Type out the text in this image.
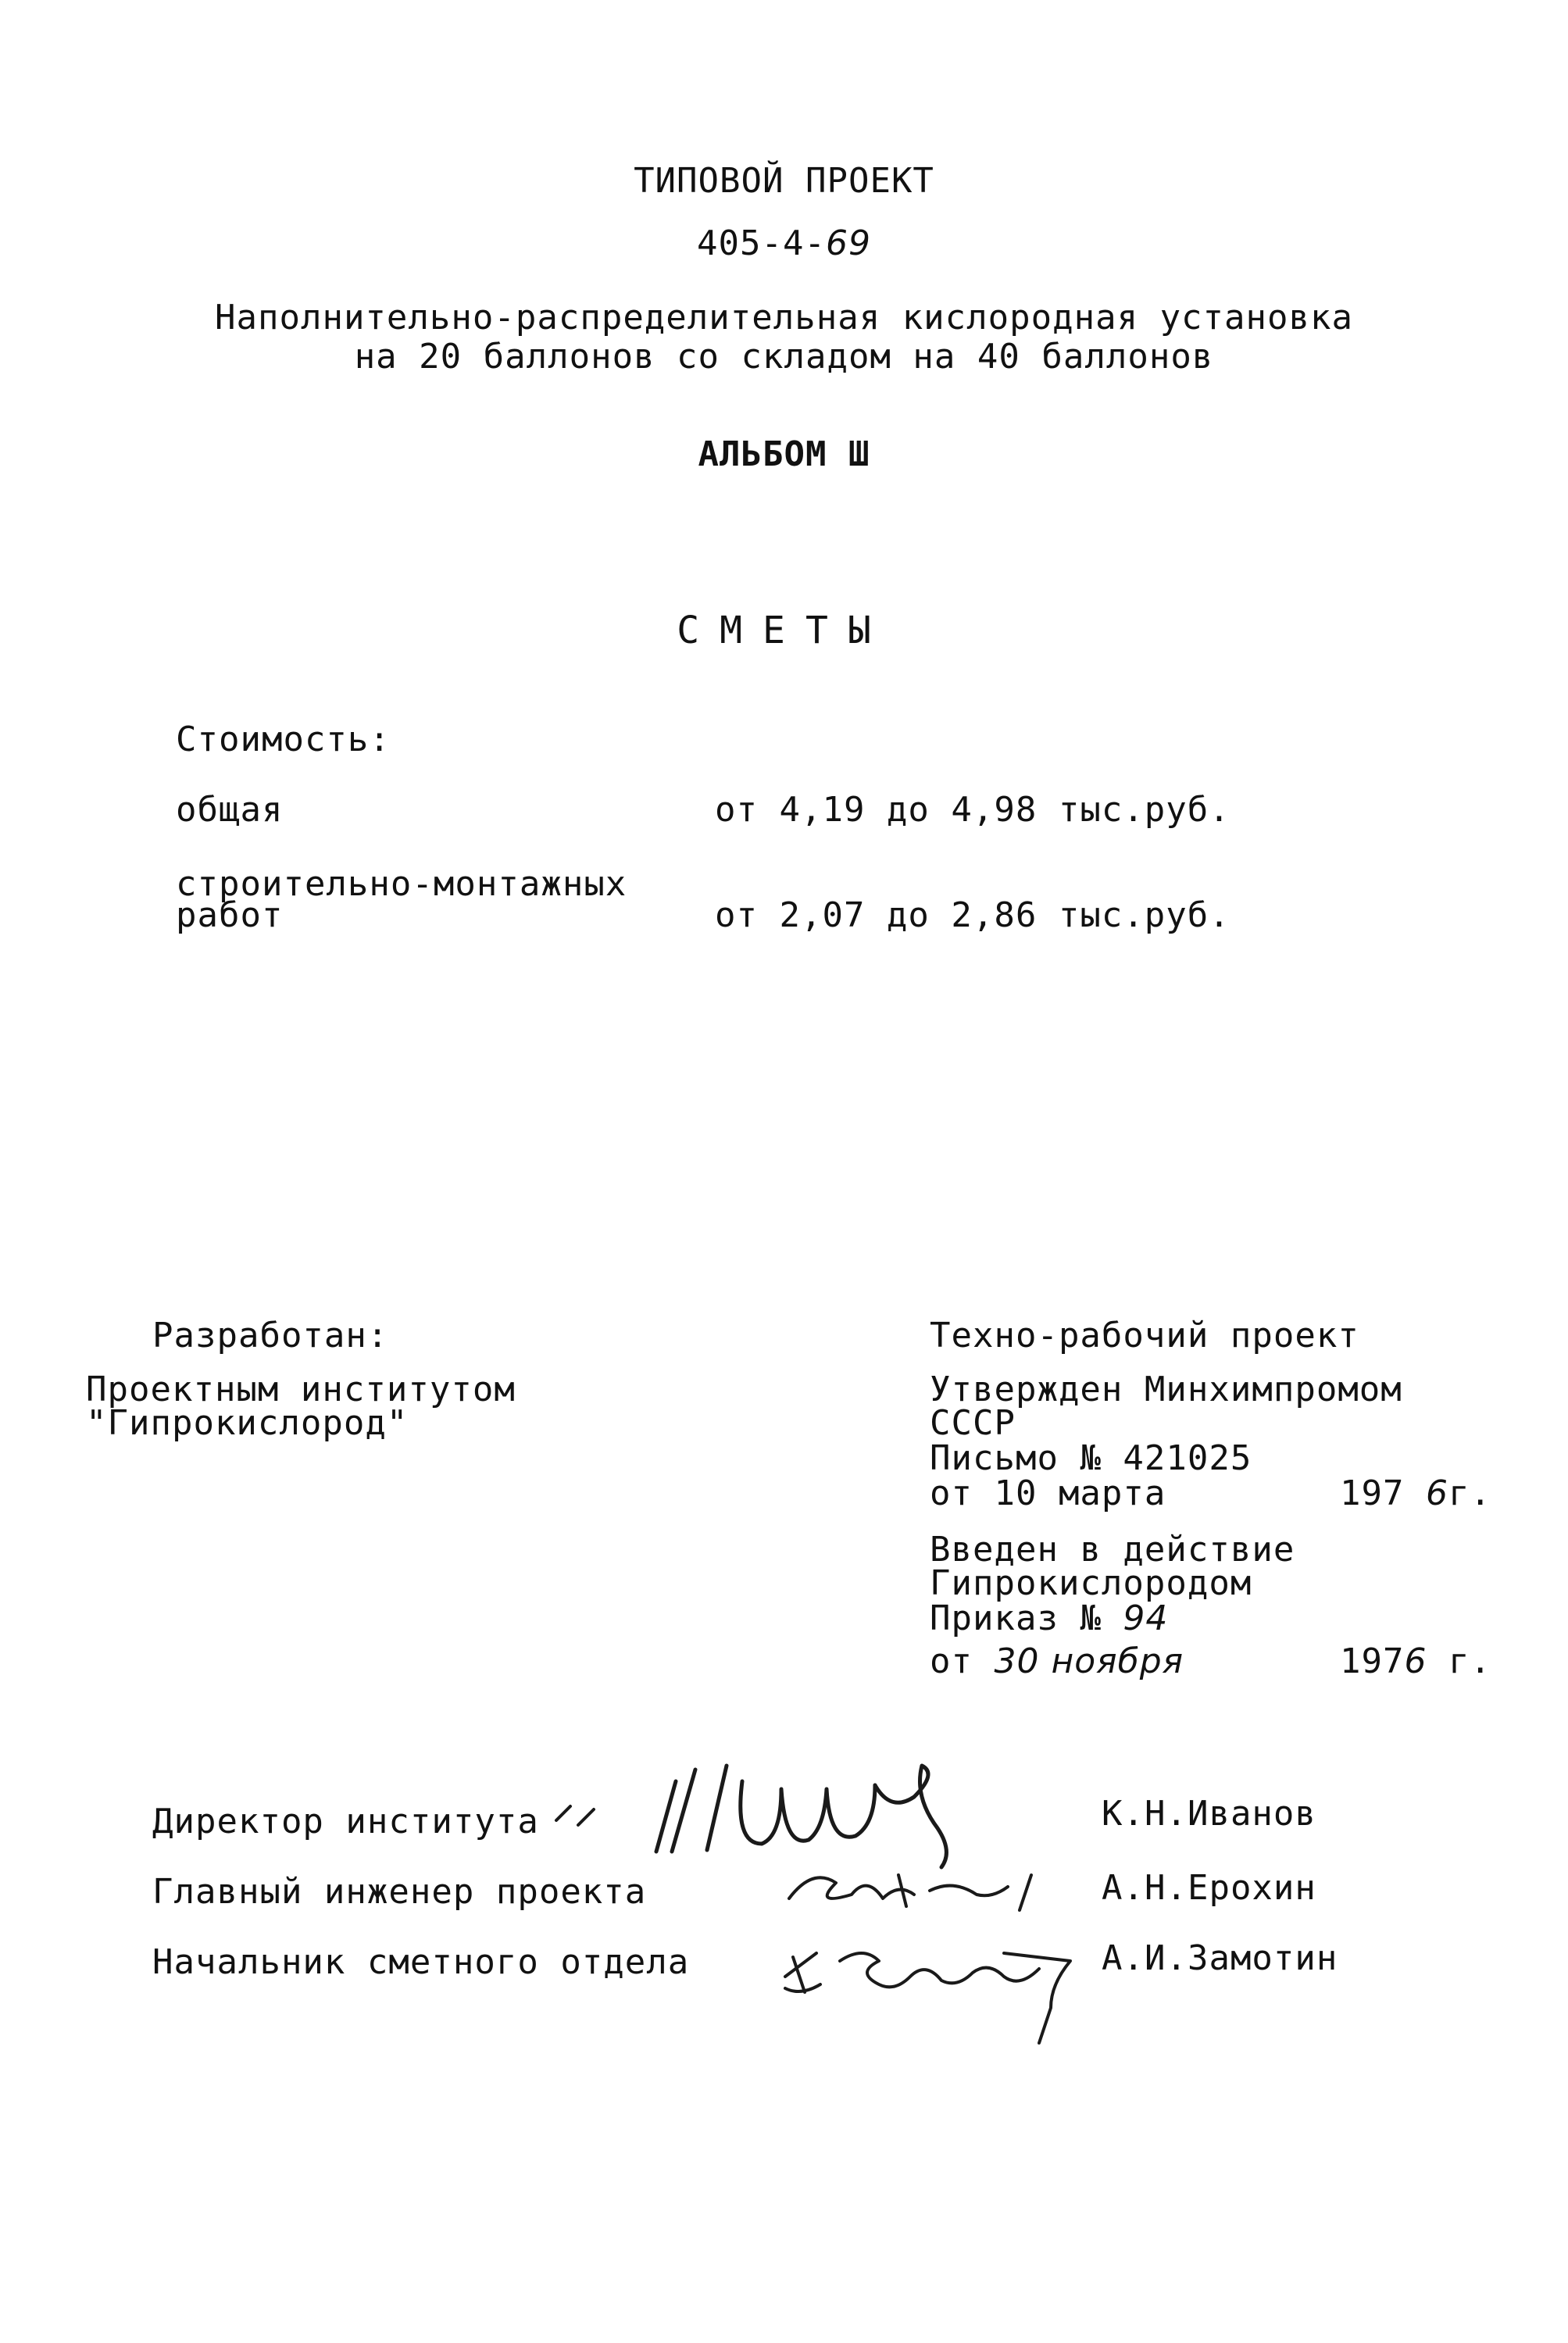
ТИПОВОЙ ПРОЕКТ
405-4-69
Наполнительно-распределительная кислородная установка
на 20 баллонов со складом на 40 баллонов
АЛЬБОМ Ш
СМЕТЫ
Стоимость:
общая	от 4,19 до 4,98 тыс.руб.
строительно-монтажных
работ	от 2,07 до 2,86 тыс.руб.
Разработан:
Проектным институтом
"Гипрокислород"
Техно-рабочий проект
Утвержден Минхимпромом
СССР
Письмо № 421025
от 10 марта	197 6г.
Введен в действие
Гипрокислородом
Приказ № 94
от 30 ноября	1976 г.
Директор института	К.Н.Иванов
Главный инженер проекта	А.Н.Ерохин
Начальник сметного отдела	А.И.Замотин
